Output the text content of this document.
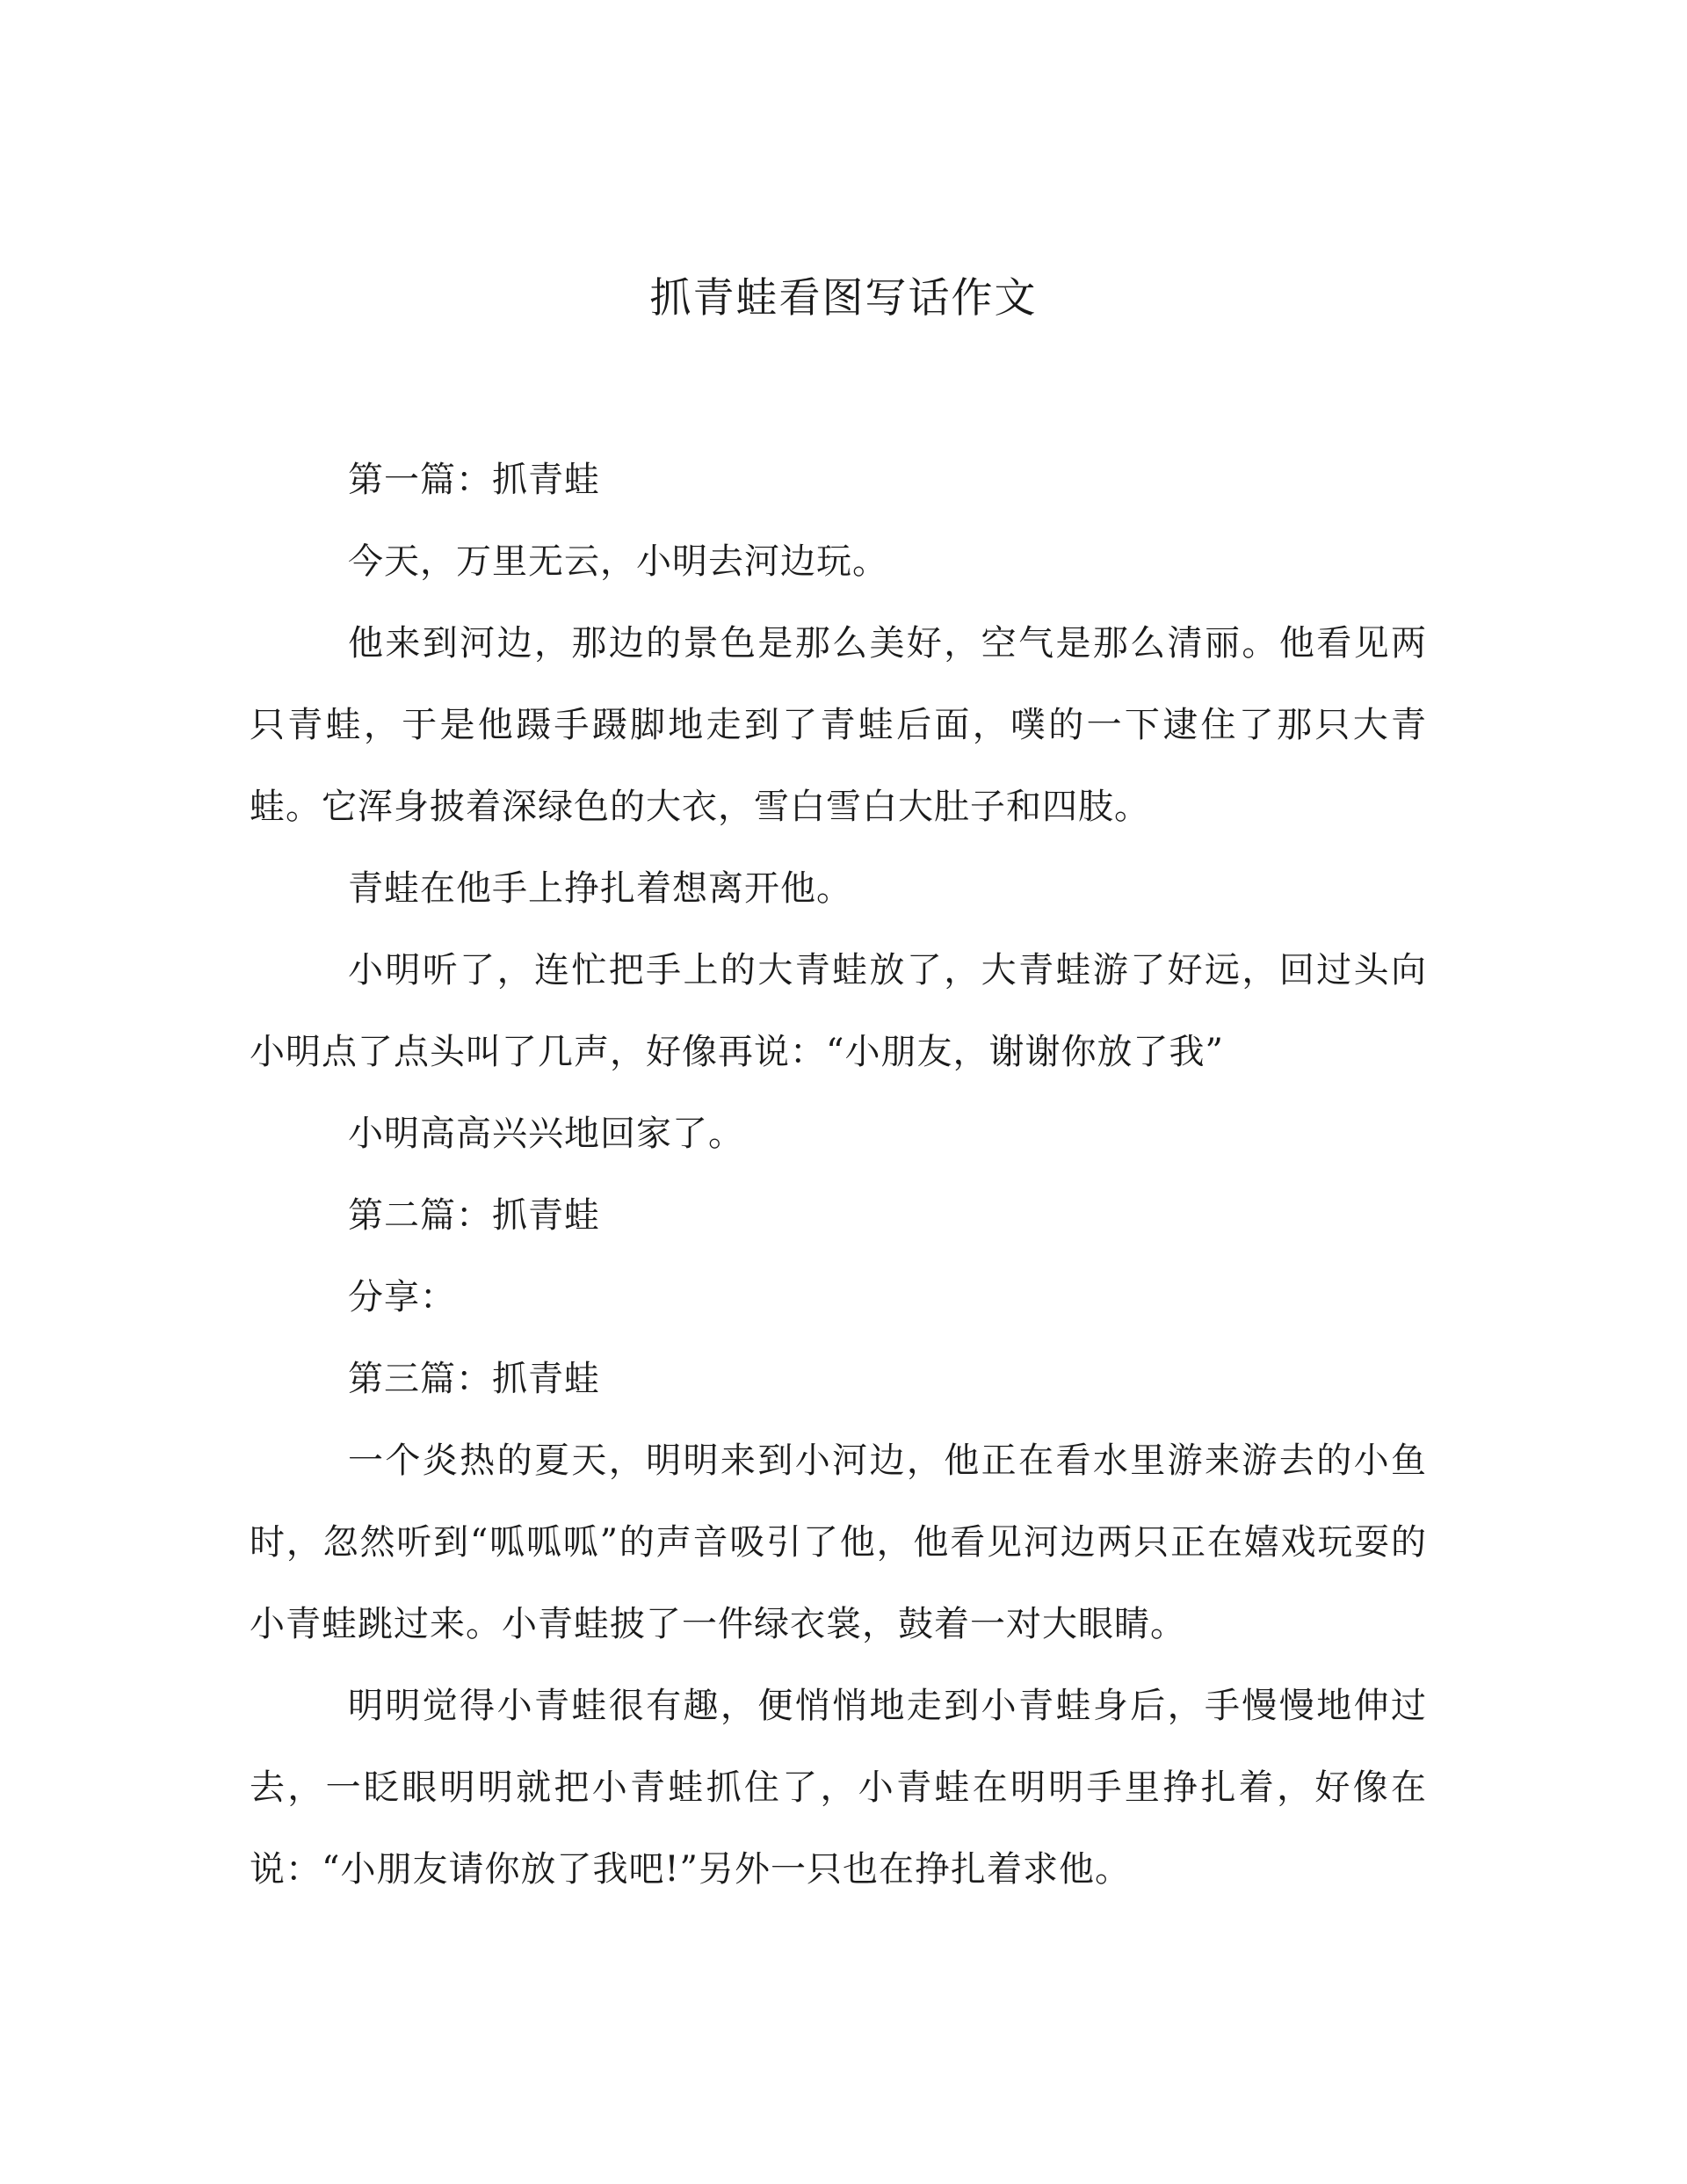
抓青蛙看图写话作文

第一篇：抓青蛙

今天，万里无云，小明去河边玩。

他来到河边，那边的景色是那么美好，空气是那么清丽。他看见两只青蛙，于是他蹑手蹑脚地走到了青蛙后面，噗的一下逮住了那只大青蛙。它浑身披着深绿色的大衣，雪白雪白大肚子和四肢。

青蛙在他手上挣扎着想离开他。

小明听了，连忙把手上的大青蛙放了，大青蛙游了好远，回过头向小明点了点头叫了几声，好像再说：“小朋友，谢谢你放了我”

小明高高兴兴地回家了。

第二篇：抓青蛙

分享：

第三篇：抓青蛙

一个炎热的夏天，明明来到小河边，他正在看水里游来游去的小鱼时，忽然听到“呱呱呱”的声音吸引了他，他看见河边两只正在嬉戏玩耍的小青蛙跳过来。小青蛙披了一件绿衣裳，鼓着一对大眼睛。

明明觉得小青蛙很有趣，便悄悄地走到小青蛙身后，手慢慢地伸过去，一眨眼明明就把小青蛙抓住了，小青蛙在明明手里挣扎着，好像在说：“小朋友请你放了我吧!”另外一只也在挣扎着求他。
